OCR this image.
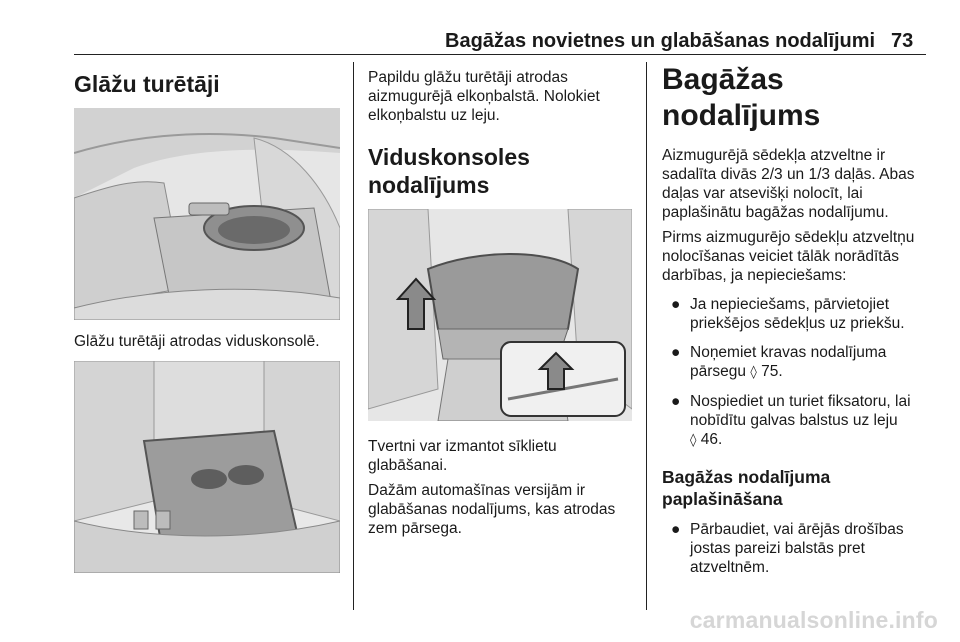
Bagāžas novietnes un glabāšanas nodalījumi 73
Glāžu turētāji
Glāžu turētāji atrodas viduskonsolē.
Papildu glāžu turētāji atrodas aizmugurējā elkoņbalstā. Nolokiet elkoņbalstu uz leju.
Viduskonsoles nodalījums
Tvertni var izmantot sīklietu glabāšanai.
Dažām automašīnas versijām ir glabāšanas nodalījums, kas atrodas zem pārsega.
Bagāžas nodalījums
Aizmugurējā sēdekļa atzveltne ir sadalīta divās 2/3 un 1/3 daļās. Abas daļas var atsevišķi nolocīt, lai paplašinātu bagāžas nodalījumu.
Pirms aizmugurējo sēdekļu atzveltņu nolocīšanas veiciet tālāk norādītās darbības, ja nepieciešams:
● Ja nepieciešams, pārvietojiet priekšējos sēdekļus uz priekšu.
● Noņemiet kravas nodalījuma pārsegu ◊ 75.
● Nospiediet un turiet fiksatoru, lai nobīdītu galvas balstus uz leju
◊ 46.
Bagāžas nodalījuma paplašināšana
● Pārbaudiet, vai ārējās drošības jostas pareizi balstās pret atzveltnēm.
carmanualsonline.info
